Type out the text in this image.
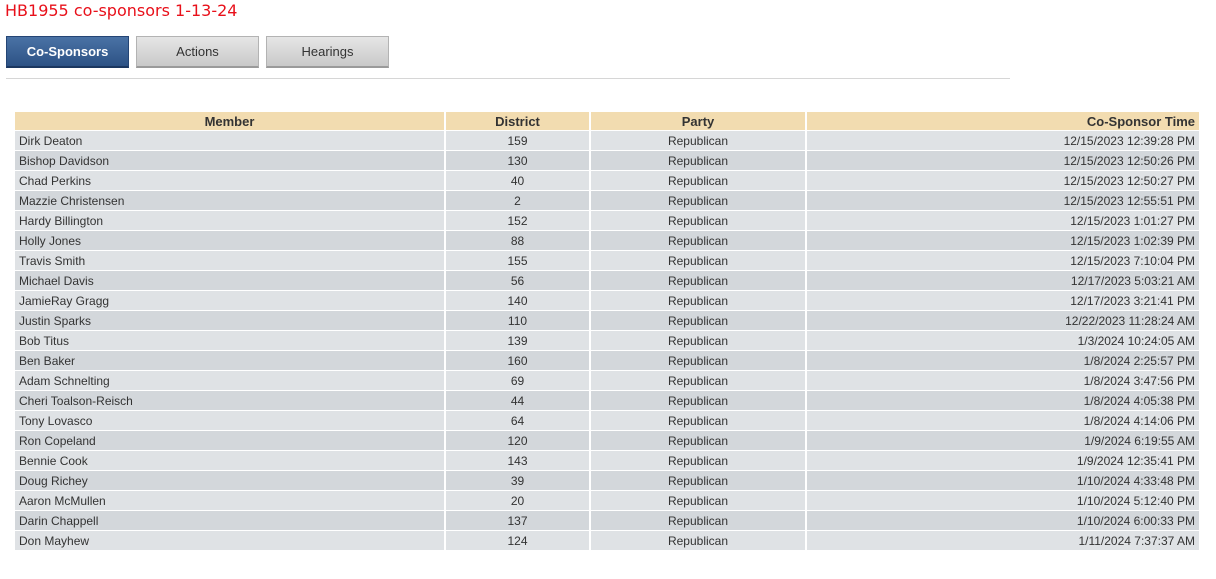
HB1955 co-sponsors 1-13-24
Co-Sponsors	Actions	Hearings
Member	District	Party	Co-Sponsor Time
Dirk Deaton	159	Republican	12/15/2023 12:39:28 PM
Bishop Davidson	130	Republican	12/15/2023 12:50:26 PM
Chad Perkins	40	Republican	12/15/2023 12:50:27 PM
Mazzie Christensen	2	Republican	12/15/2023 12:55:51 PM
Hardy Billington	152	Republican	12/15/2023 1:01:27 PM
Holly Jones	88	Republican	12/15/2023 1:02:39 PM
Travis Smith	155	Republican	12/15/2023 7:10:04 PM
Michael Davis	56	Republican	12/17/2023 5:03:21 AM
JamieRay Gragg	140	Republican	12/17/2023 3:21:41 PM
Justin Sparks	110	Republican	12/22/2023 11:28:24 AM
Bob Titus	139	Republican	1/3/2024 10:24:05 AM
Ben Baker	160	Republican	1/8/2024 2:25:57 PM
Adam Schnelting	69	Republican	1/8/2024 3:47:56 PM
Cheri Toalson-Reisch	44	Republican	1/8/2024 4:05:38 PM
Tony Lovasco	64	Republican	1/8/2024 4:14:06 PM
Ron Copeland	120	Republican	1/9/2024 6:19:55 AM
Bennie Cook	143	Republican	1/9/2024 12:35:41 PM
Doug Richey	39	Republican	1/10/2024 4:33:48 PM
Aaron McMullen	20	Republican	1/10/2024 5:12:40 PM
Darin Chappell	137	Republican	1/10/2024 6:00:33 PM
Don Mayhew	124	Republican	1/11/2024 7:37:37 AM
